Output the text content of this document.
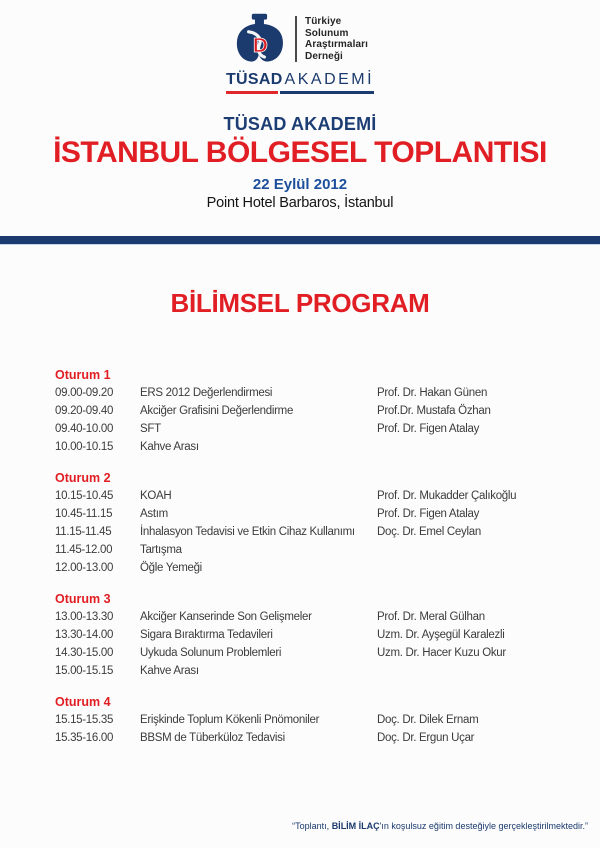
D
Türkiye
Solunum
Araştırmaları
Derneği
TÜSAD AKADEMİ
TÜSAD AKADEMİ
İSTANBUL BÖLGESEL TOPLANTISI
22 Eylül 2012
Point Hotel Barbaros, İstanbul
BİLİMSEL PROGRAM
Oturum 1
09.00-09.20	ERS 2012 Değerlendirmesi	Prof. Dr. Hakan Günen
09.20-09.40	Akciğer Grafisini Değerlendirme	Prof.Dr. Mustafa Özhan
09.40-10.00	SFT	Prof. Dr. Figen Atalay
10.00-10.15	Kahve Arası
Oturum 2
10.15-10.45	KOAH	Prof. Dr. Mukadder Çalıkoğlu
10.45-11.15	Astım	Prof. Dr. Figen Atalay
11.15-11.45	İnhalasyon Tedavisi ve Etkin Cihaz Kullanımı	Doç. Dr. Emel Ceylan
11.45-12.00	Tartışma
12.00-13.00	Öğle Yemeği
Oturum 3
13.00-13.30	Akciğer Kanserinde Son Gelişmeler	Prof. Dr. Meral Gülhan
13.30-14.00	Sigara Bıraktırma Tedavileri	Uzm. Dr. Ayşegül Karalezli
14.30-15.00	Uykuda Solunum Problemleri	Uzm. Dr. Hacer Kuzu Okur
15.00-15.15	Kahve Arası
Oturum 4
15.15-15.35	Erişkinde Toplum Kökenli Pnömoniler	Doç. Dr. Dilek Ernam
15.35-16.00	BBSM de Tüberküloz Tedavisi	Doç. Dr. Ergun Uçar
“Toplantı, BİLİM İLAÇ'ın koşulsuz eğitim desteğiyle gerçekleştirilmektedir.”
